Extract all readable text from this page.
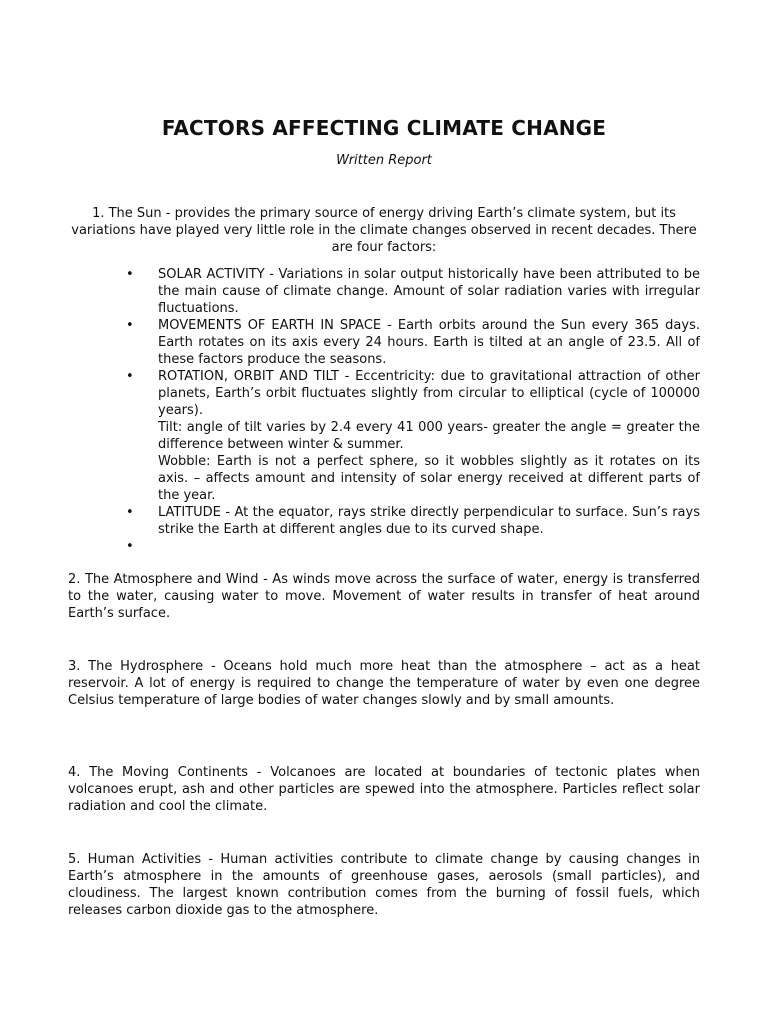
FACTORS AFFECTING CLIMATE CHANGE
Written Report
1. The Sun - provides the primary source of energy driving Earth’s climate system, but its variations have played very little role in the climate changes observed in recent decades. There are four factors:
• SOLAR ACTIVITY - Variations in solar output historically have been attributed to be the main cause of climate change. Amount of solar radiation varies with irregular fluctuations.
• MOVEMENTS OF EARTH IN SPACE - Earth orbits around the Sun every 365 days. Earth rotates on its axis every 24 hours. Earth is tilted at an angle of 23.5. All of these factors produce the seasons.
• ROTATION, ORBIT AND TILT - Eccentricity: due to gravitational attraction of other planets, Earth’s orbit fluctuates slightly from circular to elliptical (cycle of 100000 years).
Tilt: angle of tilt varies by 2.4 every 41 000 years- greater the angle = greater the difference between winter & summer.
Wobble: Earth is not a perfect sphere, so it wobbles slightly as it rotates on its axis. – affects amount and intensity of solar energy received at different parts of the year.
• LATITUDE - At the equator, rays strike directly perpendicular to surface. Sun’s rays strike the Earth at different angles due to its curved shape.
•
2. The Atmosphere and Wind - As winds move across the surface of water, energy is transferred to the water, causing water to move. Movement of water results in transfer of heat around Earth’s surface.
3. The Hydrosphere - Oceans hold much more heat than the atmosphere – act as a heat reservoir. A lot of energy is required to change the temperature of water by even one degree Celsius temperature of large bodies of water changes slowly and by small amounts.
4. The Moving Continents - Volcanoes are located at boundaries of tectonic plates when volcanoes erupt, ash and other particles are spewed into the atmosphere. Particles reflect solar radiation and cool the climate.
5. Human Activities - Human activities contribute to climate change by causing changes in Earth’s atmosphere in the amounts of greenhouse gases, aerosols (small particles), and cloudiness. The largest known contribution comes from the burning of fossil fuels, which releases carbon dioxide gas to the atmosphere.
